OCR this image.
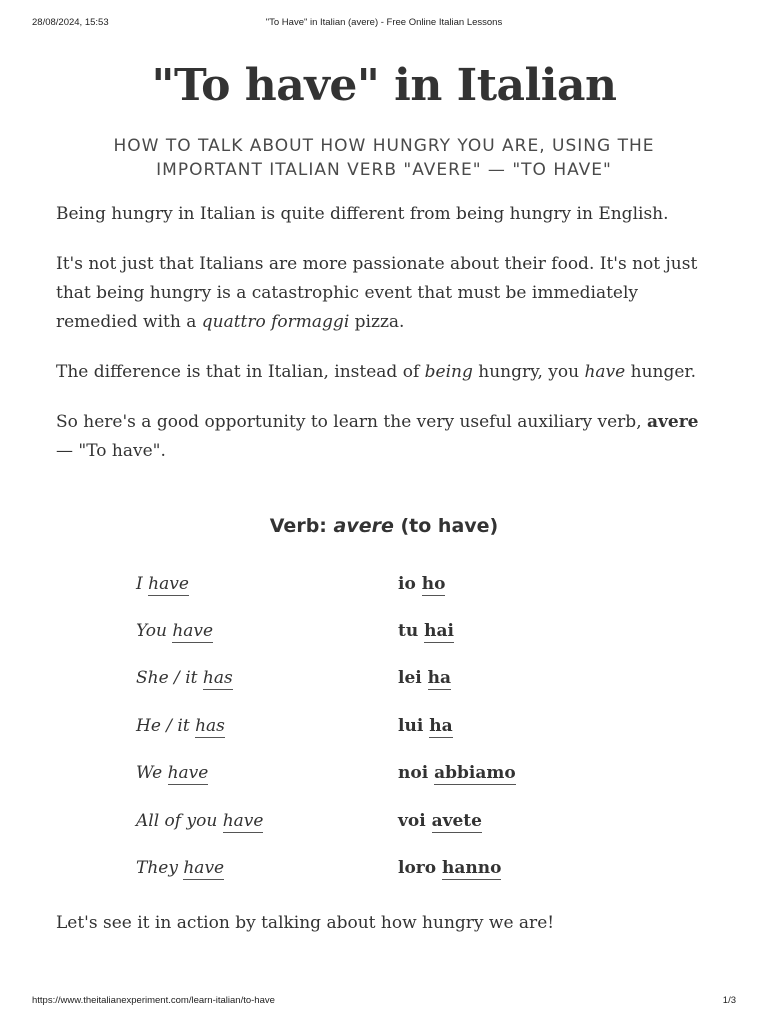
28/08/2024, 15:53	"To Have" in Italian (avere) - Free Online Italian Lessons
"To have" in Italian
HOW TO TALK ABOUT HOW HUNGRY YOU ARE, USING THE IMPORTANT ITALIAN VERB "AVERE" — "TO HAVE"

Being hungry in Italian is quite different from being hungry in English.

It's not just that Italians are more passionate about their food. It's not just that being hungry is a catastrophic event that must be immediately remedied with a quattro formaggi pizza.

The difference is that in Italian, instead of being hungry, you have hunger.

So here's a good opportunity to learn the very useful auxiliary verb, avere — "To have".

Verb: avere (to have)
I have	io ho
You have	tu hai
She / it has	lei ha
He / it has	lui ha
We have	noi abbiamo
All of you have	voi avete
They have	loro hanno

Let's see it in action by talking about how hungry we are!

https://www.theitalianexperiment.com/learn-italian/to-have	1/3
